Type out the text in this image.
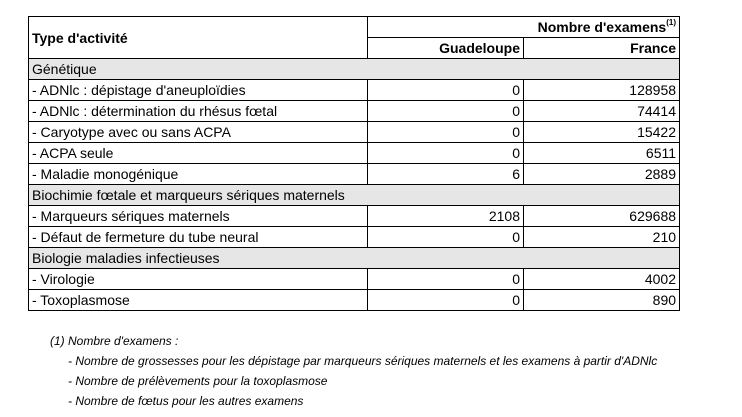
Type d'activité	Nombre d'examens$^{(1)}$
	Guadeloupe	France
Génétique		
- ADNlc : dépistage d'aneuploïdies	0	128958
- ADNlc : détermination du rhésus fœtal	0	74414
- Caryotype avec ou sans ACPA	0	15422
- ACPA seule	0	6511
- Maladie monogénique	6	2889
Biochimie fœtale et marqueurs sériques maternels		
- Marqueurs sériques maternels	2108	629688
- Défaut de fermeture du tube neural	0	210
Biologie maladies infectieuses		
- Virologie	0	4002
- Toxoplasmose	0	890
(1) Nombre d'examens :
- Nombre de grossesses pour les dépistage par marqueurs sériques maternels et les examens à partir d'ADNlc
- Nombre de prélèvements pour la toxoplasmose
- Nombre de fœtus pour les autres examens
